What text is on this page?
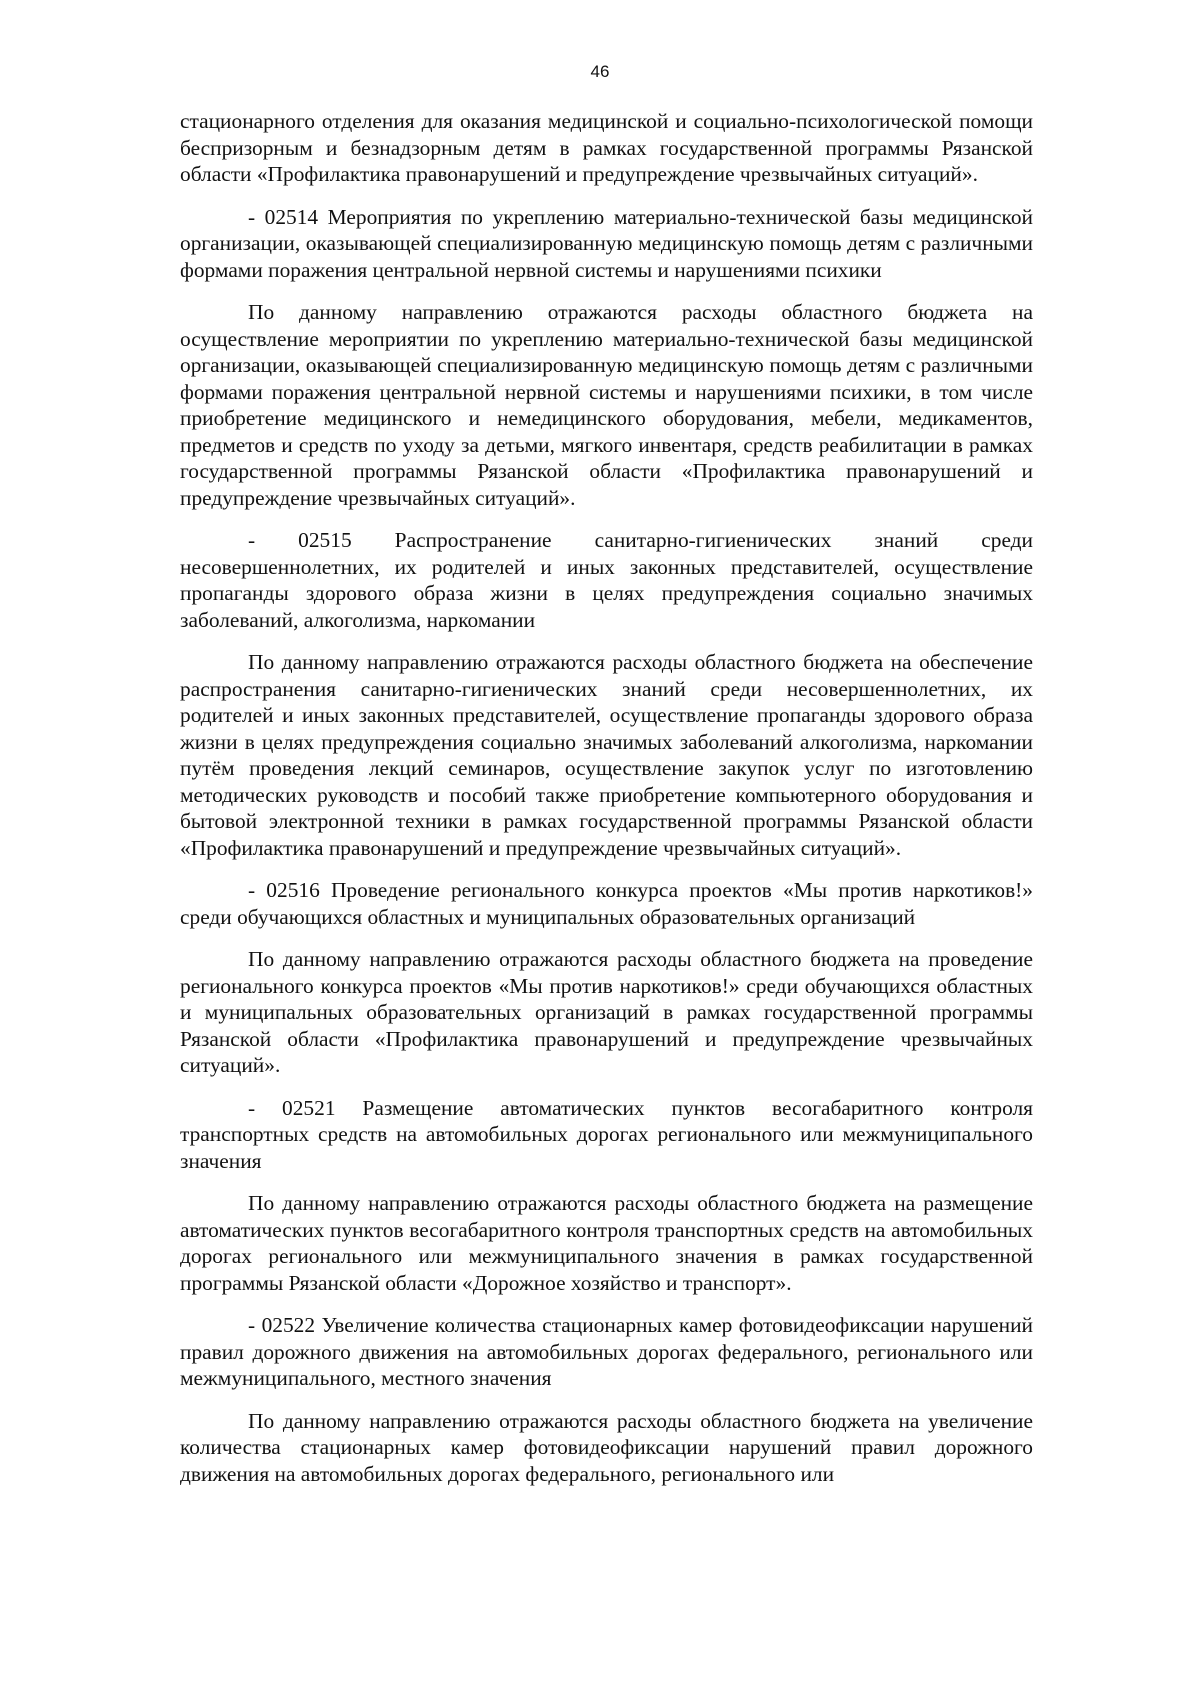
46

стационарного отделения для оказания медицинской и социально-психологической помощи беспризорным и безнадзорным детям в рамках государственной программы Рязанской области «Профилактика правонарушений и предупреждение чрезвычайных ситуаций».

- 02514 Мероприятия по укреплению материально-технической базы медицинской организации, оказывающей специализированную медицинскую помощь детям с различными формами поражения центральной нервной системы и нарушениями психики

По данному направлению отражаются расходы областного бюджета на осуществление мероприятии по укреплению материально-технической базы медицинской организации, оказывающей специализированную медицинскую помощь детям с различными формами поражения центральной нервной системы и нарушениями психики, в том числе приобретение медицинского и немедицинского оборудования, мебели, медикаментов, предметов и средств по уходу за детьми, мягкого инвентаря, средств реабилитации в рамках государственной программы Рязанской области «Профилактика правонарушений и предупреждение чрезвычайных ситуаций».

- 02515 Распространение санитарно-гигиенических знаний среди несовершеннолетних, их родителей и иных законных представителей, осуществление пропаганды здорового образа жизни в целях предупреждения социально значимых заболеваний, алкоголизма, наркомании

По данному направлению отражаются расходы областного бюджета на обеспечение распространения санитарно-гигиенических знаний среди несовершеннолетних, их родителей и иных законных представителей, осуществление пропаганды здорового образа жизни в целях предупреждения социально значимых заболеваний алкоголизма, наркомании путём проведения лекций семинаров, осуществление закупок услуг по изготовлению методических руководств и пособий также приобретение компьютерного оборудования и бытовой электронной техники в рамках государственной программы Рязанской области «Профилактика правонарушений и предупреждение чрезвычайных ситуаций».

- 02516 Проведение регионального конкурса проектов «Мы против наркотиков!» среди обучающихся областных и муниципальных образовательных организаций

По данному направлению отражаются расходы областного бюджета на проведение регионального конкурса проектов «Мы против наркотиков!» среди обучающихся областных и муниципальных образовательных организаций в рамках государственной программы Рязанской области «Профилактика правонарушений и предупреждение чрезвычайных ситуаций».

- 02521 Размещение автоматических пунктов весогабаритного контроля транспортных средств на автомобильных дорогах регионального или межмуниципального значения

По данному направлению отражаются расходы областного бюджета на размещение автоматических пунктов весогабаритного контроля транспортных средств на автомобильных дорогах регионального или межмуниципального значения в рамках государственной программы Рязанской области «Дорожное хозяйство и транспорт».

- 02522 Увеличение количества стационарных камер фотовидеофиксации нарушений правил дорожного движения на автомобильных дорогах федерального, регионального или межмуниципального, местного значения

По данному направлению отражаются расходы областного бюджета на увеличение количества стационарных камер фотовидеофиксации нарушений правил дорожного движения на автомобильных дорогах федерального, регионального или
